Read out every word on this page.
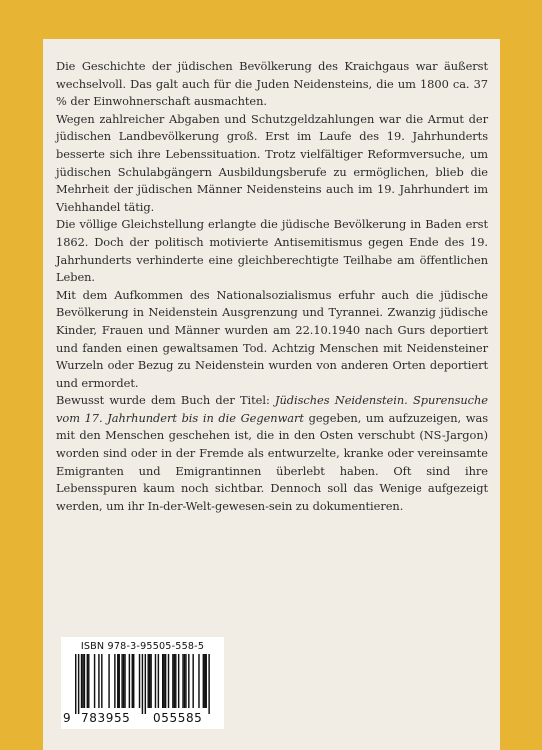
Die Geschichte der jüdischen Bevölkerung des Kraichgaus war äußerst wechselvoll. Das galt auch für die Juden Neidensteins, die um 1800 ca. 37 % der Einwohnerschaft ausmachten.

Wegen zahlreicher Abgaben und Schutzgeldzahlungen war die Armut der jüdischen Landbevölkerung groß. Erst im Laufe des 19. Jahrhunderts besserte sich ihre Lebenssituation. Trotz vielfältiger Reformversuche, um jüdischen Schulabgängern Ausbildungsberufe zu ermöglichen, blieb die Mehrheit der jüdischen Männer Neidensteins auch im 19. Jahrhundert im Viehhandel tätig.

Die völlige Gleichstellung erlangte die jüdische Bevölkerung in Baden erst 1862. Doch der politisch motivierte Antisemitismus gegen Ende des 19. Jahrhunderts verhinderte eine gleichberechtigte Teilhabe am öffentlichen Leben.

Mit dem Aufkommen des Nationalsozialismus erfuhr auch die jüdische Bevölkerung in Neidenstein Ausgrenzung und Tyrannei. Zwanzig jüdische Kinder, Frauen und Männer wurden am 22.10.1940 nach Gurs deportiert und fanden einen gewaltsamen Tod. Achtzig Menschen mit Neidensteiner Wurzeln oder Bezug zu Neidenstein wurden von anderen Orten deportiert und ermordet.

Bewusst wurde dem Buch der Titel: Jüdisches Neidenstein. Spurensuche vom 17. Jahrhundert bis in die Gegenwart gegeben, um aufzuzeigen, was mit den Menschen geschehen ist, die in den Osten verschubt (NS-Jargon) worden sind oder in der Fremde als entwurzelte, kranke oder vereinsamte Emigranten und Emigrantinnen überlebt haben. Oft sind ihre Lebensspuren kaum noch sichtbar. Dennoch soll das Wenige aufgezeigt werden, um ihr In-der-Welt-gewesen-sein zu dokumentieren.

ISBN 978-3-95505-558-5
9 783955 055585
